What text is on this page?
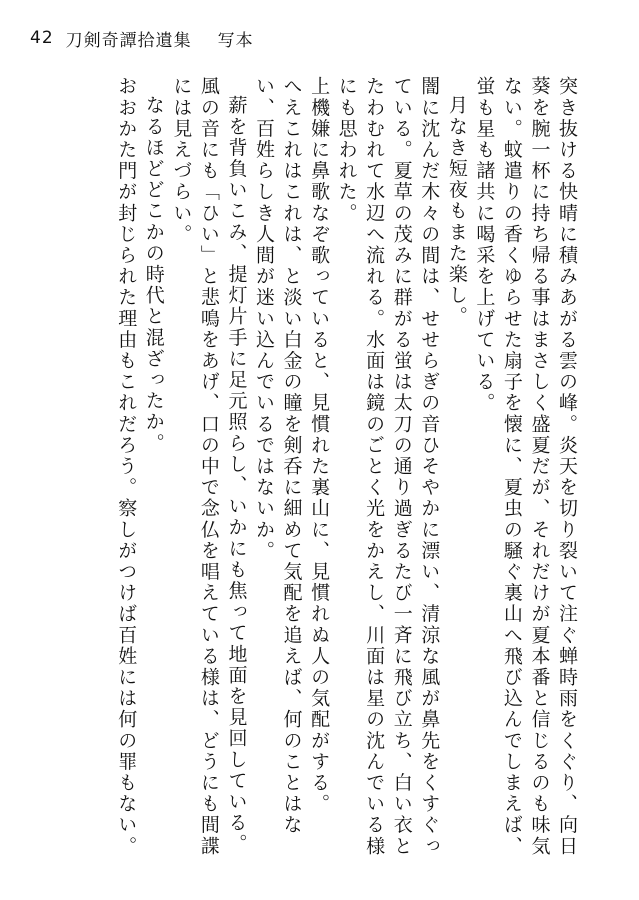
42 刀剣奇譚拾遺集 写本

突き抜ける快晴に積みあがる雲の峰。炎天を切り裂いて注ぐ蝉時雨をくぐり、向日葵を腕一杯に持ち帰る事はまさしく盛夏だが、それだけが夏本番と信じるのも味気ない。蚊遣りの香くゆらせた扇子を懐に、夏虫の騒ぐ裏山へ飛び込んでしまえば、蛍も星も諸共に喝采を上げている。

月なき短夜もまた楽し。

闇に沈んだ木々の間は、せせらぎの音ひそやかに漂い、清涼な風が鼻先をくすぐっている。夏草の茂みに群がる蛍は太刀の通り過ぎるたび一斉に飛び立ち、白い衣とたわむれて水辺へ流れる。水面は鏡のごとく光をかえし、川面は星の沈んでいる様にも思われた。

上機嫌に鼻歌なぞ歌っていると、見慣れた裏山に、見慣れぬ人の気配がする。

へえこれはこれは、と淡い白金の瞳を剣呑に細めて気配を追えば、何のことはない、百姓らしき人間が迷い込んでいるではないか。

薪を背負いこみ、提灯片手に足元照らし、いかにも焦って地面を見回している。

風の音にも「ひい」と悲鳴をあげ、口の中で念仏を唱えている様は、どうにも間諜には見えづらい。

なるほどどこかの時代と混ざったか。

おおかた門が封じられた理由もこれだろう。察しがつけば百姓には何の罪もない。
